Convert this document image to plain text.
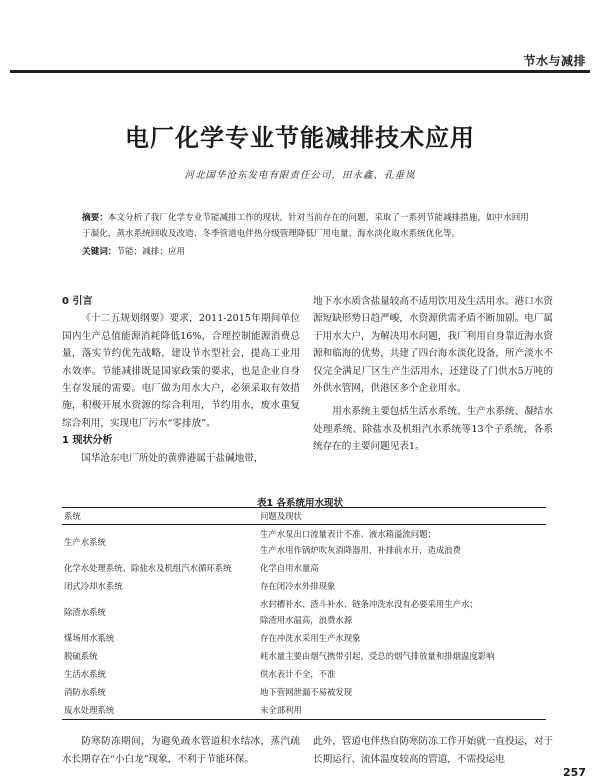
节水与减排
电厂化学专业节能减排技术应用
河北国华沧东发电有限责任公司，田永鑫、孔垂岚
摘要：本文分析了我厂化学专业节能减排工作的现状，针对当前存在的问题，采取了一系列节能减排措施，如中水回用于凝化，蒸水系统回收及改造、冬季管道电伴热分级管理降低厂用电量、海水淡化取水系统优化等。
关键词：节能；减排；应用
0 引言

《十二五规划纲要》要求，2011-2015年期间单位国内生产总值能源消耗降低16%，合理控制能源消费总量，落实节约优先战略，建设节水型社会，提高工业用水效率。节能减排既是国家政策的要求，也是企业自身生存发展的需要。电厂做为用水大户，必须采取有效措施，积极开展水资源的综合利用，节约用水，废水重复综合利用，实现电厂污水“零排放”。

1 现状分析

国华沧东电厂所处的黄骅港属于盐碱地带，

地下水水质含盐量较高不适用饮用及生活用水。港口水资源短缺形势日趋严峻，水资源供需矛盾不断加剧。电厂属于用水大户，为解决用水问题，我厂利用自身靠近海水资源和临海的优势，共建了四台海水淡化设备，所产淡水不仅完全满足厂区生产生活用水，还建设了门供水5万吨的外供水管网，供港区多个企业用水。

用水系统主要包括生活水系统、生产水系统、凝结水处理系统、除盐水及机组汽水系统等13个子系统，各系统存在的主要问题见表1。

表1 各系统用水现状
系统	问题及现状
生产水系统	生产水泵出口流量表计不准、液水箱溢流问题；
生产水用作锅炉吹灰消降器用，补排前水开，造成浪费

化学水处理系统、除盐水及机组汽水循环系统	化学自用水量高

闭式冷却水系统	存在闭冷水外排现象

除渣水系统	水封槽补水、渣斗补水、链条冲洗水没有必要采用生产水；
除渣用水温高，浪费水源

煤场用水系统	存在冲洗水采用生产水现象

脱硫系统	耗水量主要由烟气携带引起，受总的烟气排放量和排烟温度影响

生活水系统	供水表计不全，不准

消防水系统	地下管网泄漏不易被发现

废水处理系统	未全部利用
防寒防冻期间，为避免疏水管道积水结冰，蒸汽疏水长期存在“小白龙”现象，不利于节能环保。
此外，管道电伴热自防寒防冻工作开始就一直投运，对于长期运行、流体温度较高的管道，不需投运电
257
